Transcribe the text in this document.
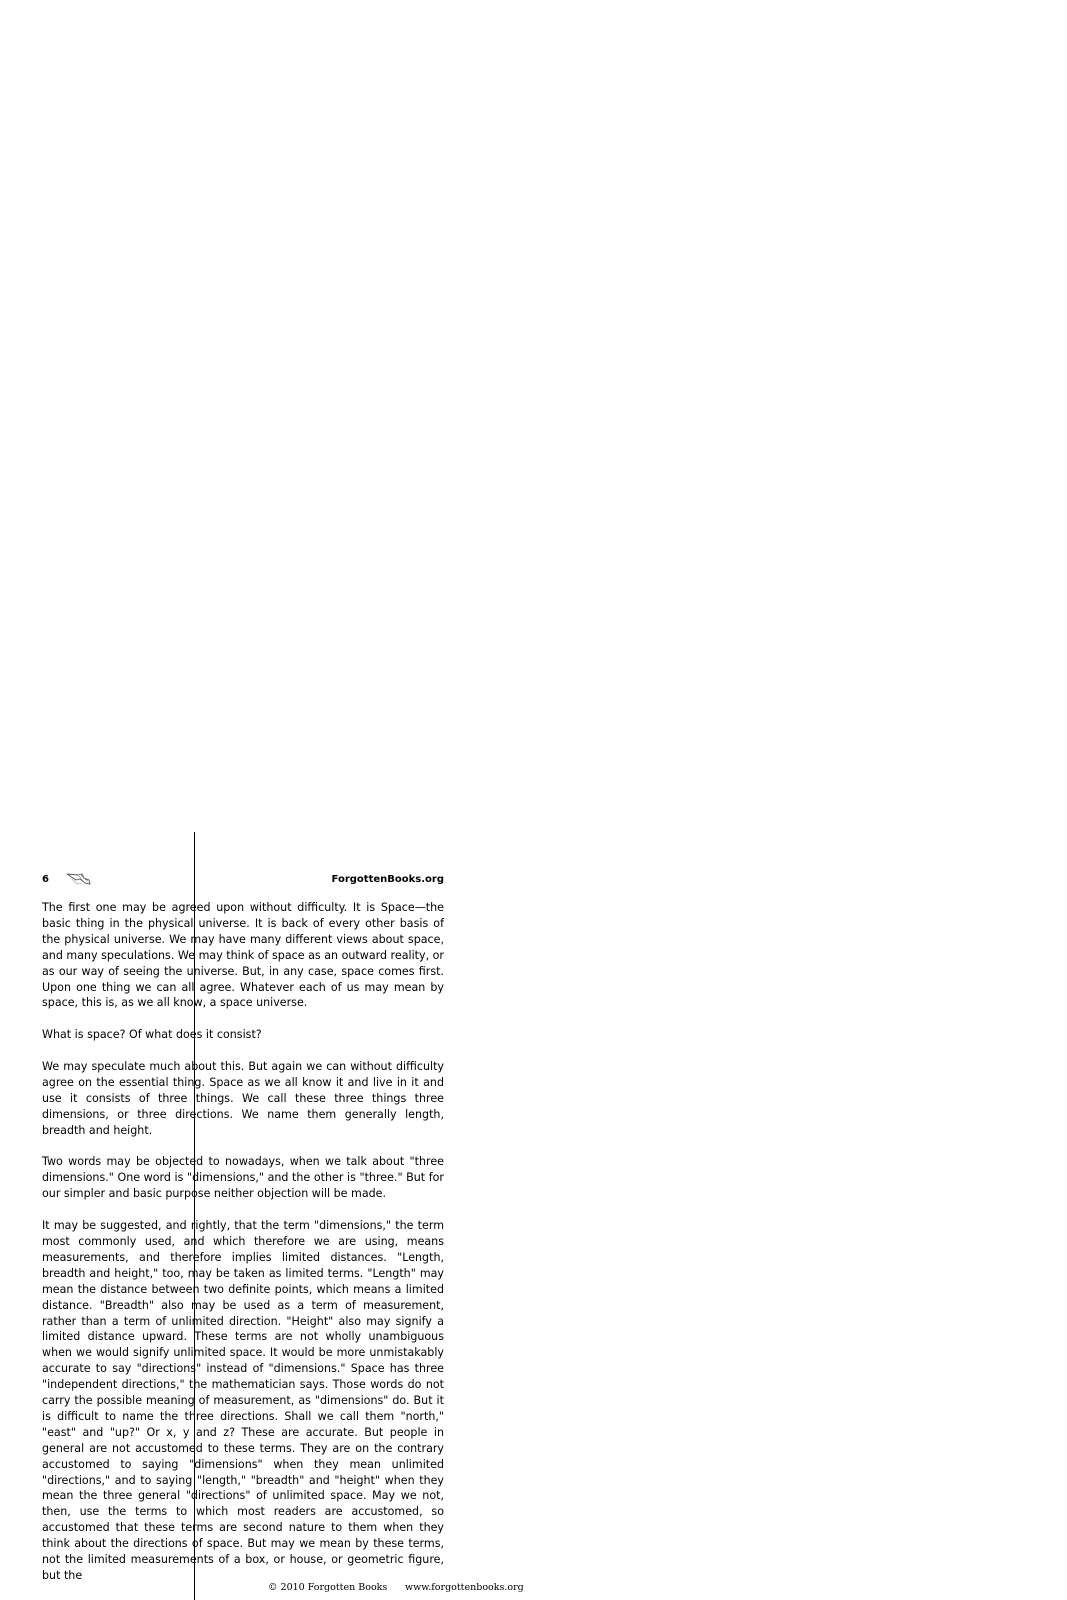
6	ForgottenBooks.org

The first one may be agreed upon without difficulty. It is Space—the basic thing in the physical universe. It is back of every other basis of the physical universe. We may have many different views about space, and many speculations. We may think of space as an outward reality, or as our way of seeing the universe. But, in any case, space comes first. Upon one thing we can all agree. Whatever each of us may mean by space, this is, as we all know, a space universe.

What is space? Of what does it consist?

We may speculate much about this. But again we can without difficulty agree on the essential thing. Space as we all know it and live in it and use it consists of three things. We call these three things three dimensions, or three directions. We name them generally length, breadth and height.

Two words may be objected to nowadays, when we talk about "three dimensions." One word is "dimensions," and the other is "three." But for our simpler and basic purpose neither objection will be made.

It may be suggested, and rightly, that the term "dimensions," the term most commonly used, and which therefore we are using, means measurements, and therefore implies limited distances. "Length, breadth and height," too, may be taken as limited terms. "Length" may mean the distance between two definite points, which means a limited distance. "Breadth" also may be used as a term of measurement, rather than a term of unlimited direction. "Height" also may signify a limited distance upward. These terms are not wholly unambiguous when we would signify unlimited space. It would be more unmistakably accurate to say "directions" instead of "dimensions." Space has three "independent directions," the mathematician says. Those words do not carry the possible meaning of measurement, as "dimensions" do. But it is difficult to name the three directions. Shall we call them "north," "east" and "up?" Or x, y and z? These are accurate. But people in general are not accustomed to these terms. They are on the contrary accustomed to saying "dimensions" when they mean unlimited "directions," and to saying "length," "breadth" and "height" when they mean the three general "directions" of unlimited space. May we not, then, use the terms to which most readers are accustomed, so accustomed that these terms are second nature to them when they think about the directions of space. But may we mean by these terms, not the limited measurements of a box, or house, or geometric figure, but the

© 2010 Forgotten Books www.forgottenbooks.org
